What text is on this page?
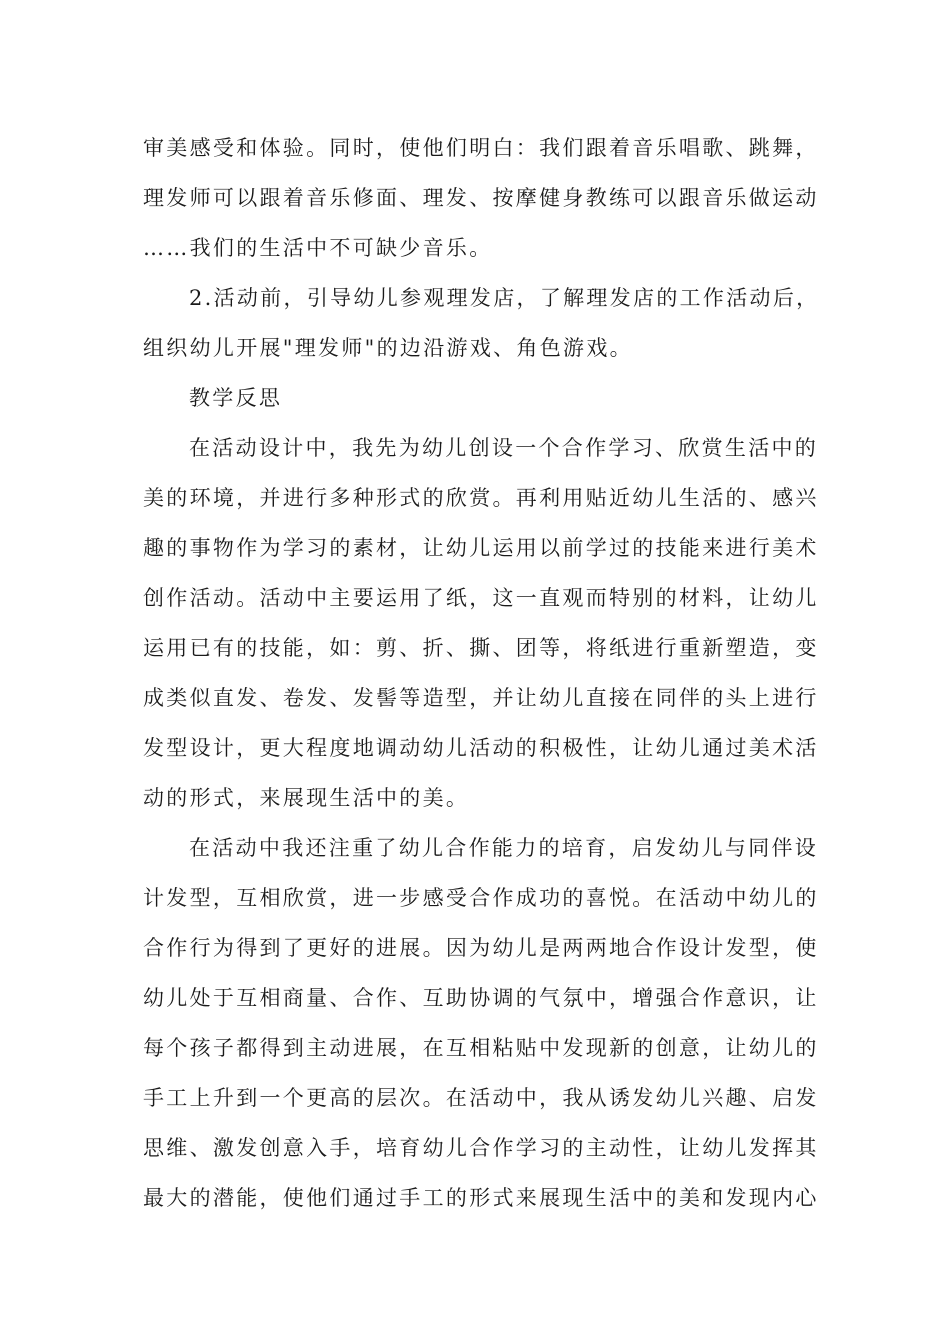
审美感受和体验。同时，使他们明白：我们跟着音乐唱歌、跳舞，
理发师可以跟着音乐修面、理发、按摩健身教练可以跟音乐做运动
……我们的生活中不可缺少音乐。
2.活动前，引导幼儿参观理发店，了解理发店的工作活动后，
组织幼儿开展"理发师"的边沿游戏、角色游戏。
教学反思
在活动设计中，我先为幼儿创设一个合作学习、欣赏生活中的
美的环境，并进行多种形式的欣赏。再利用贴近幼儿生活的、感兴
趣的事物作为学习的素材，让幼儿运用以前学过的技能来进行美术
创作活动。活动中主要运用了纸，这一直观而特别的材料，让幼儿
运用已有的技能，如：剪、折、撕、团等，将纸进行重新塑造，变
成类似直发、卷发、发髻等造型，并让幼儿直接在同伴的头上进行
发型设计，更大程度地调动幼儿活动的积极性，让幼儿通过美术活
动的形式，来展现生活中的美。
在活动中我还注重了幼儿合作能力的培育，启发幼儿与同伴设
计发型，互相欣赏，进一步感受合作成功的喜悦。在活动中幼儿的
合作行为得到了更好的进展。因为幼儿是两两地合作设计发型，使
幼儿处于互相商量、合作、互助协调的气氛中，增强合作意识，让
每个孩子都得到主动进展，在互相粘贴中发现新的创意，让幼儿的
手工上升到一个更高的层次。在活动中，我从诱发幼儿兴趣、启发
思维、激发创意入手，培育幼儿合作学习的主动性，让幼儿发挥其
最大的潜能，使他们通过手工的形式来展现生活中的美和发现内心
